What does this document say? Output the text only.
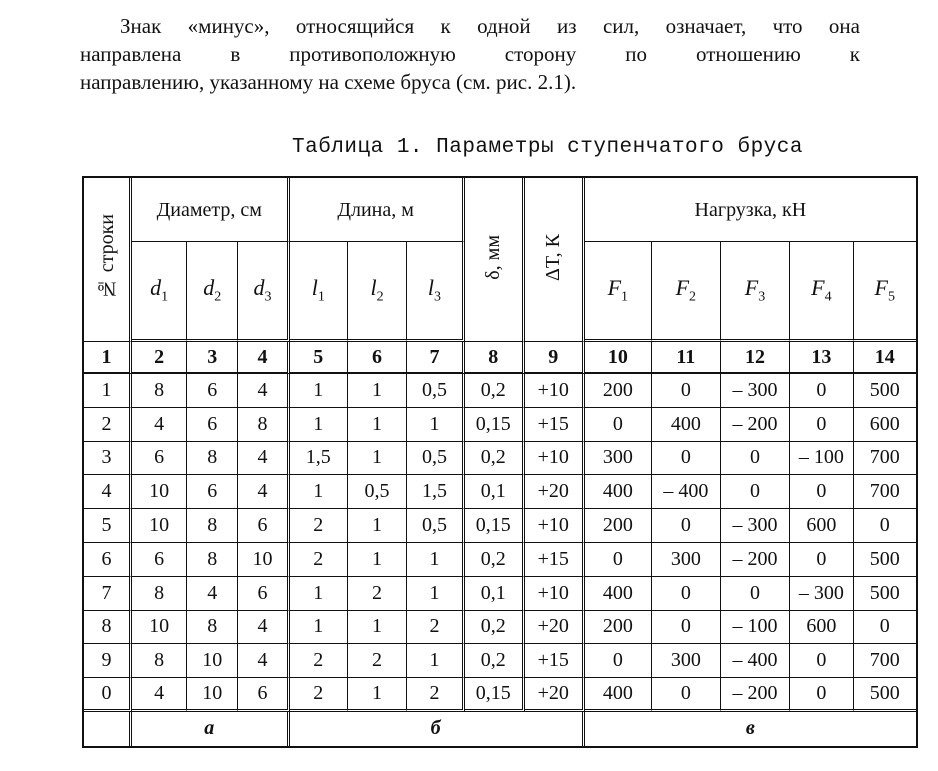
Знак «минус», относящийся к одной из сил, означает, что она
направлена в противоположную сторону по отношению к
направлению, указанному на схеме бруса (см. рис. 2.1).
Таблица 1. Параметры ступенчатого бруса
№ строки	Диаметр, см			Длина, м			δ, мм	ΔT, К	Нагрузка, кН				
	$d_1$	$d_2$	$d_3$	$l_1$	$l_2$	$l_3$			$F_1$	$F_2$	$F_3$	$F_4$	$F_5$
1	2	3	4	5	6	7	8	9	10	11	12	13	14
1	8	6	4	1	1	0,5	0,2	+10	200	0	– 300	0	500
2	4	6	8	1	1	1	0,15	+15	0	400	– 200	0	600
3	6	8	4	1,5	1	0,5	0,2	+10	300	0	0	– 100	700
4	10	6	4	1	0,5	1,5	0,1	+20	400	– 400	0	0	700
5	10	8	6	2	1	0,5	0,15	+10	200	0	– 300	600	0
6	6	8	10	2	1	1	0,2	+15	0	300	– 200	0	500
7	8	4	6	1	2	1	0,1	+10	400	0	0	– 300	500
8	10	8	4	1	1	2	0,2	+20	200	0	– 100	600	0
9	8	10	4	2	2	1	0,2	+15	0	300	– 400	0	700
0	4	10	6	2	1	2	0,15	+20	400	0	– 200	0	500
	а			б					в				
